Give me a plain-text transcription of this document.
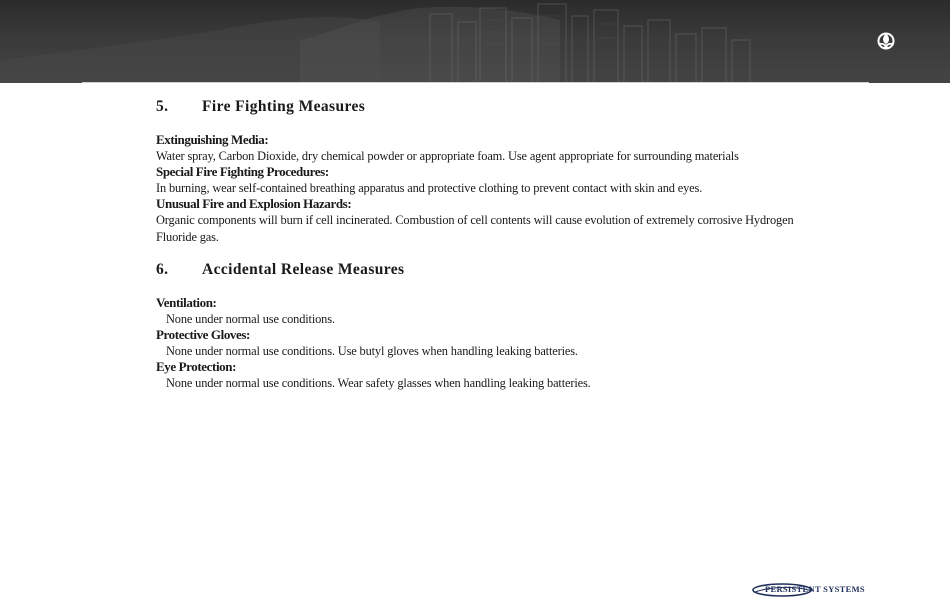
5.	Fire Fighting Measures

Extinguishing Media:

Water spray, Carbon Dioxide, dry chemical powder or appropriate foam. Use agent appropriate for surrounding materials

Special Fire Fighting Procedures:

In burning, wear self-contained breathing apparatus and protective clothing to prevent contact with skin and eyes.

Unusual Fire and Explosion Hazards:

Organic components will burn if cell incinerated. Combustion of cell contents will cause evolution of extremely corrosive Hydrogen Fluoride gas.

6.	Accidental Release Measures

Ventilation:

None under normal use conditions.

Protective Gloves:

None under normal use conditions. Use butyl gloves when handling leaking batteries.

Eye Protection:

None under normal use conditions. Wear safety glasses when handling leaking batteries.

PERSISTENT SYSTEMS
